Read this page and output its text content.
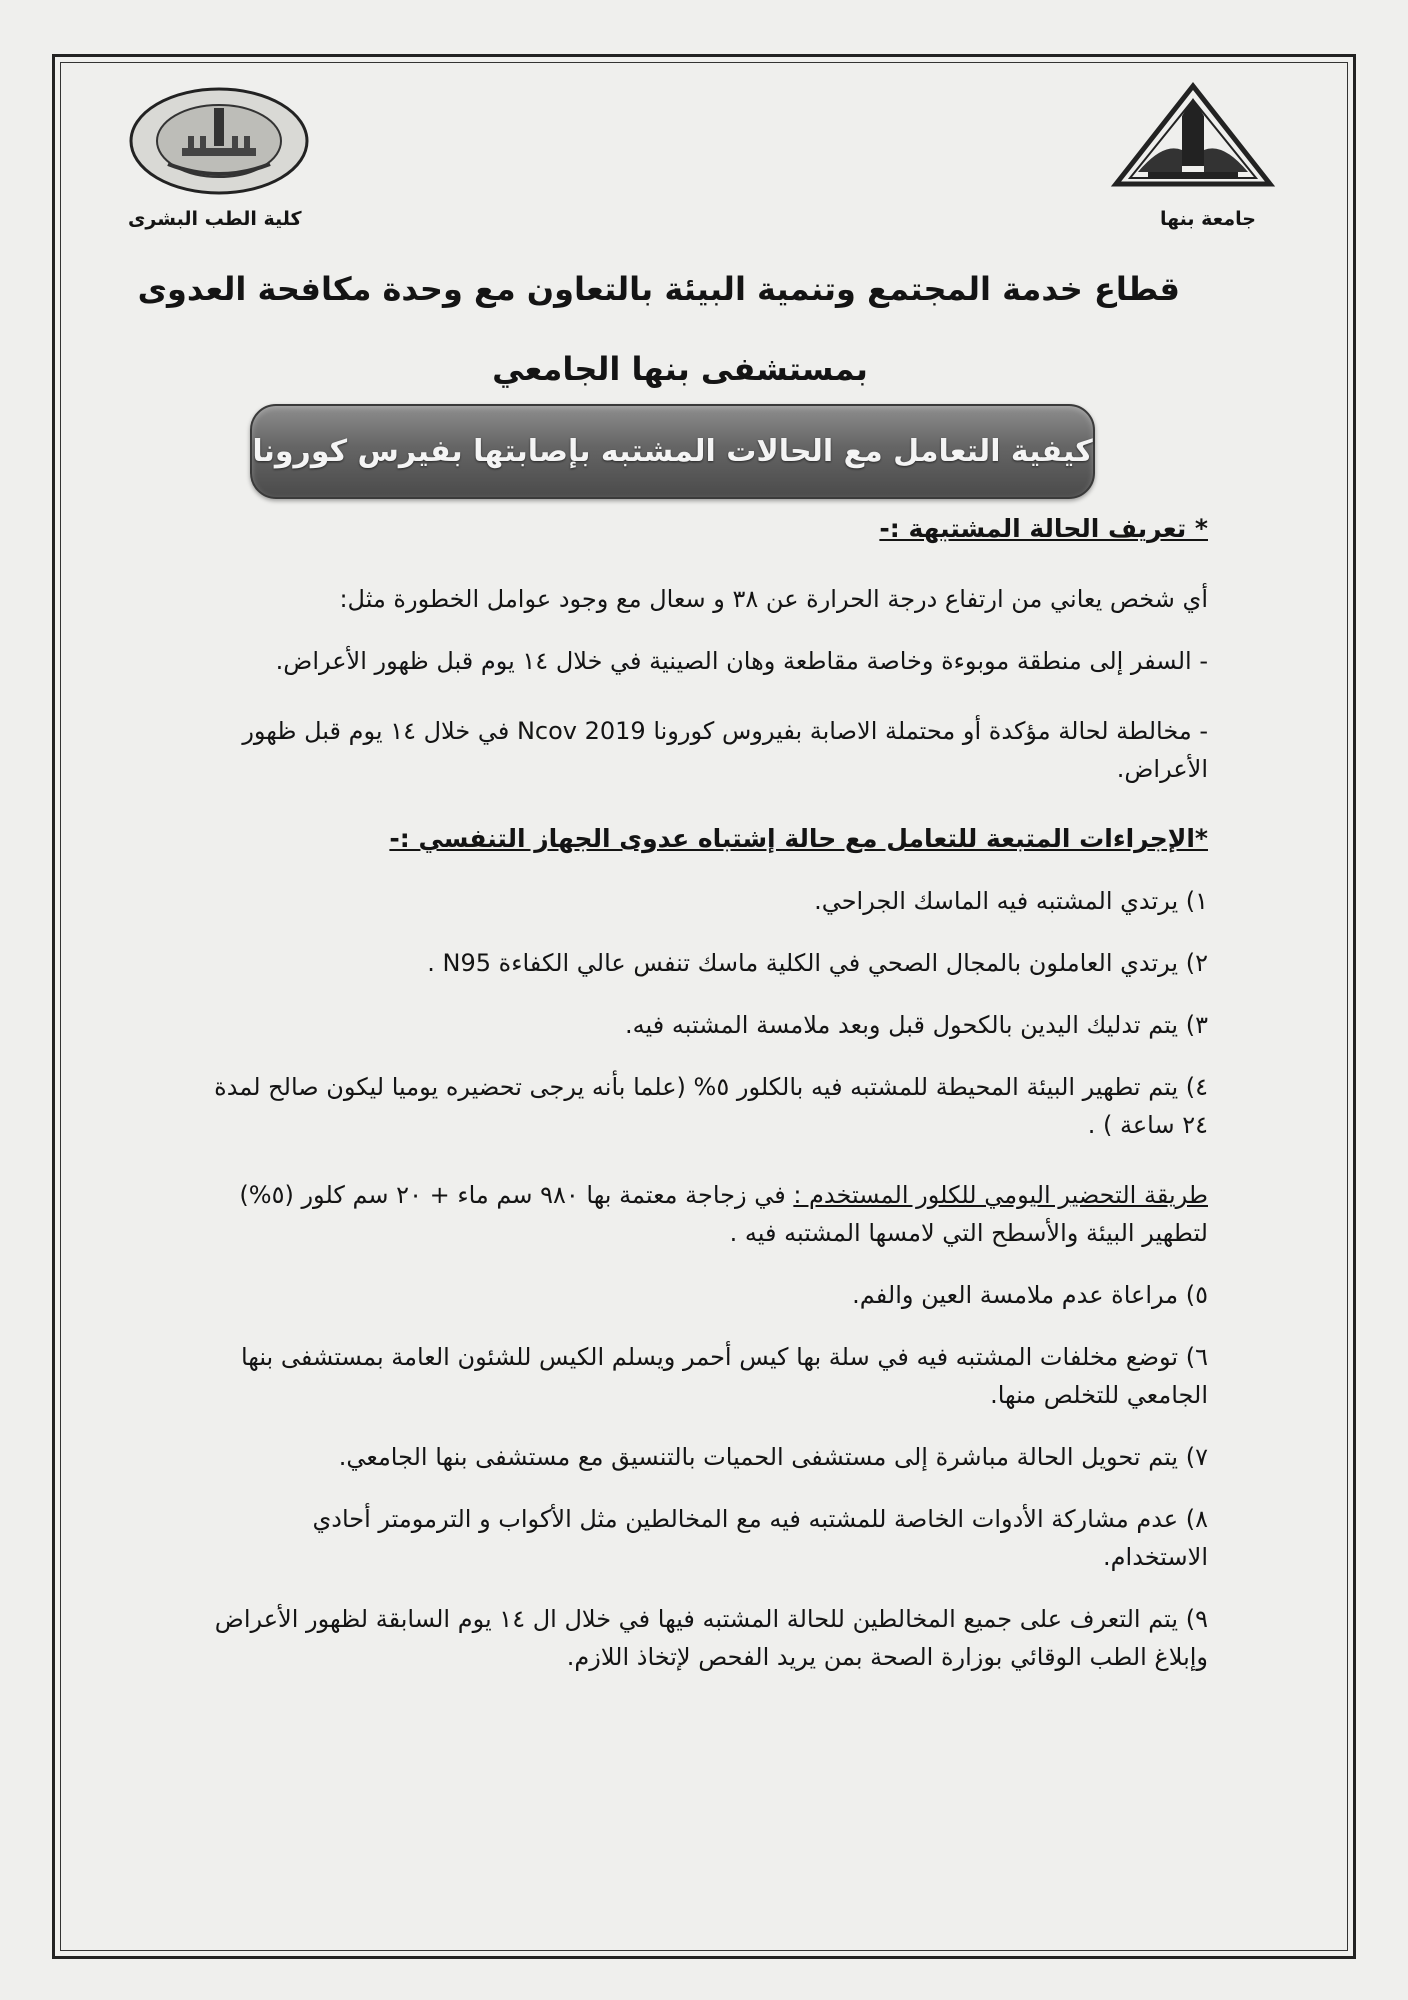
جامعة بنها
كلية الطب البشرى
قطاع خدمة المجتمع وتنمية البيئة بالتعاون مع وحدة مكافحة العدوى
بمستشفى بنها الجامعي
كيفية التعامل مع الحالات المشتبه بإصابتها بفيرس كورونا

* تعريف الحالة المشتبهة :-

أي شخص يعاني من ارتفاع درجة الحرارة عن ٣٨ و سعال مع وجود عوامل الخطورة مثل:

- السفر إلى منطقة موبوءة وخاصة مقاطعة وهان الصينية في خلال ١٤ يوم قبل ظهور الأعراض.

- مخالطة لحالة مؤكدة أو محتملة الاصابة بفيروس كورونا Ncov 2019 في خلال ١٤ يوم قبل ظهور الأعراض.

*الإجراءات المتبعة للتعامل مع حالة إشتباه عدوى الجهاز التنفسي :-

١) يرتدي المشتبه فيه الماسك الجراحي.

٢) يرتدي العاملون بالمجال الصحي في الكلية ماسك تنفس عالي الكفاءة N95 .

٣) يتم تدليك اليدين بالكحول قبل وبعد ملامسة المشتبه فيه.

٤) يتم تطهير البيئة المحيطة للمشتبه فيه بالكلور ٥% (علما بأنه يرجى تحضيره يوميا ليكون صالح لمدة ٢٤ ساعة ) .

طريقة التحضير اليومي للكلور المستخدم : في زجاجة معتمة بها ٩٨٠ سم ماء + ٢٠ سم كلور (٥%) لتطهير البيئة والأسطح التي لامسها المشتبه فيه .

٥) مراعاة عدم ملامسة العين والفم.

٦) توضع مخلفات المشتبه فيه في سلة بها كيس أحمر ويسلم الكيس للشئون العامة بمستشفى بنها الجامعي للتخلص منها.

٧) يتم تحويل الحالة مباشرة إلى مستشفى الحميات بالتنسيق مع مستشفى بنها الجامعي.

٨) عدم مشاركة الأدوات الخاصة للمشتبه فيه مع المخالطين مثل الأكواب و الترمومتر أحادي الاستخدام.

٩) يتم التعرف على جميع المخالطين للحالة المشتبه فيها في خلال ال ١٤ يوم السابقة لظهور الأعراض وإبلاغ الطب الوقائي بوزارة الصحة بمن يريد الفحص لإتخاذ اللازم.
